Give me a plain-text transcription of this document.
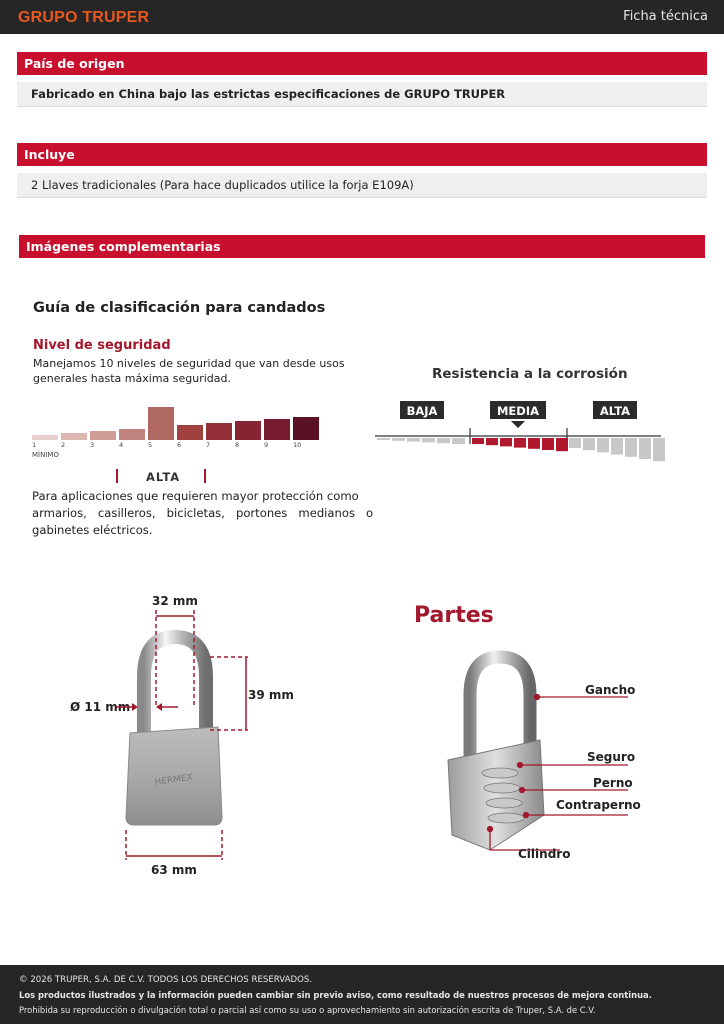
GRUPO TRUPER	Ficha técnica
País de origen
Fabricado en China bajo las estrictas especificaciones de GRUPO TRUPER
Incluye
2 Llaves tradicionales (Para hace duplicados utilice la forja E109A)
Imágenes complementarias
Guía de clasificación para candados
Nivel de seguridad
Manejamos 10 niveles de seguridad que van desde usos
generales hasta máxima seguridad.
1	2	3	4	5	6	7	8	9	10
MÍNIMO
ALTA
Para aplicaciones que requieren mayor protección como
armarios,   casilleros,   bicicletas,   portones   medianos   o
gabinetes eléctricos.
Resistencia a la corrosión
BAJA	MEDIA	ALTA
HERMEX
32 mm
39 mm
Ø 11 mm
63 mm
Partes
Gancho
Seguro
Perno
Contraperno
Cilindro
© 2026 TRUPER, S.A. DE C.V. TODOS LOS DERECHOS RESERVADOS.
Los productos ilustrados y la información pueden cambiar sin previo aviso, como resultado de nuestros procesos de mejora continua.
Prohibida su reproducción o divulgación total o parcial así como su uso o aprovechamiento sin autorización escrita de Truper, S.A. de C.V.
